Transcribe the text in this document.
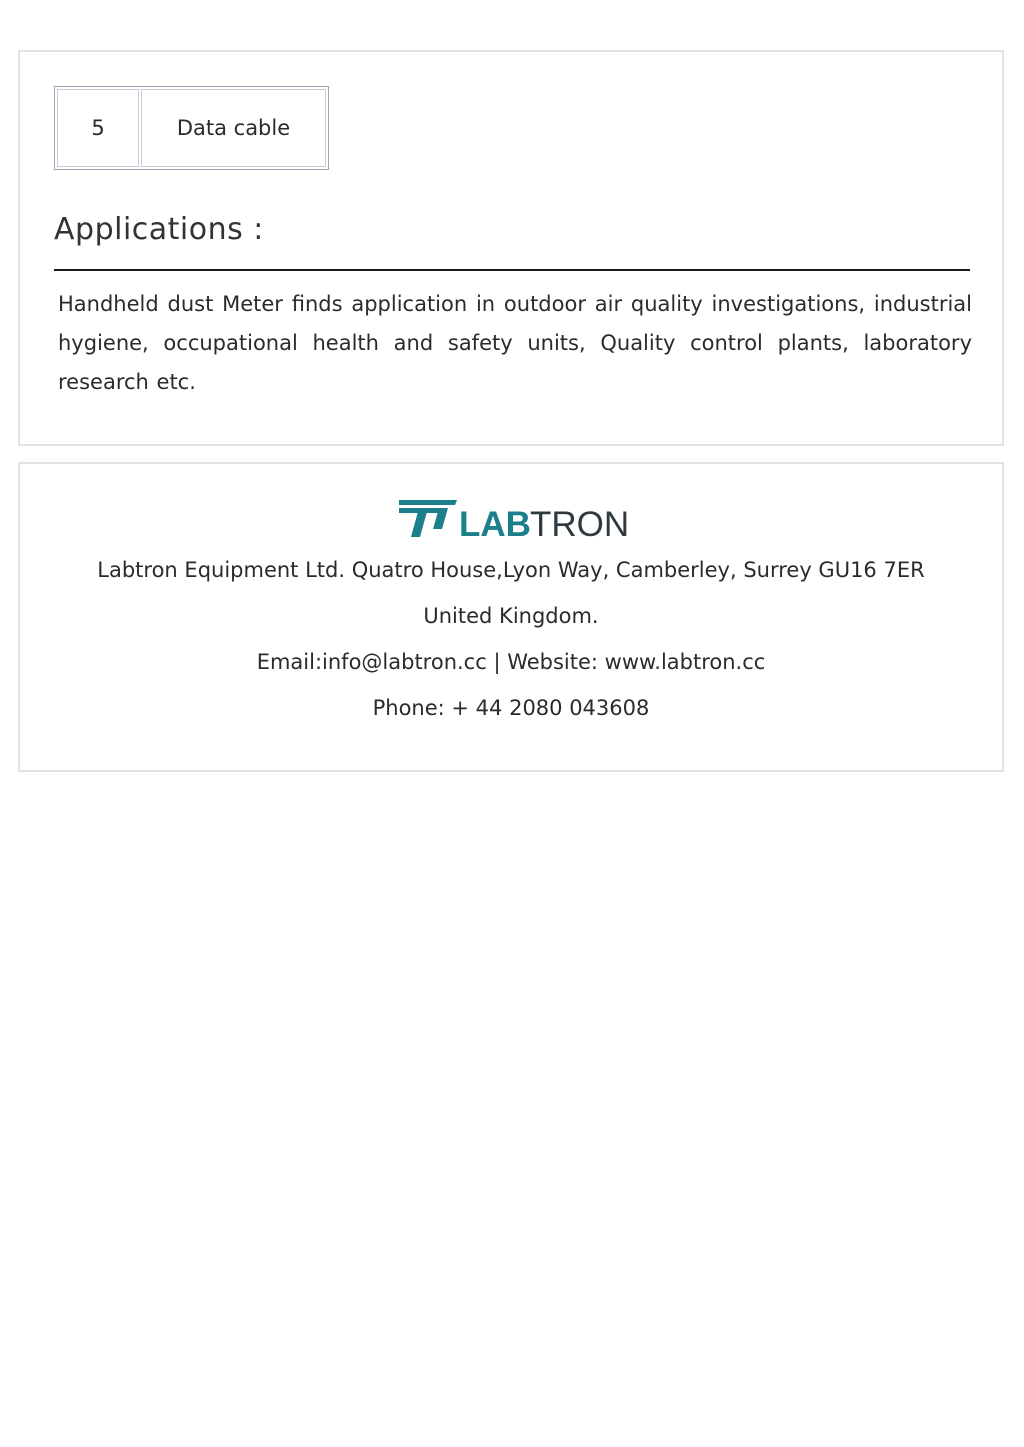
5	Data cable
Applications :

Handheld dust Meter finds application in outdoor air quality investigations, industrial hygiene, occupational health and safety units, Quality control plants, laboratory research etc.

LAB TRON

Labtron Equipment Ltd. Quatro House,Lyon Way, Camberley, Surrey GU16 7ER

United Kingdom.

Email:info@labtron.cc | Website: www.labtron.cc

Phone: + 44 2080 043608
